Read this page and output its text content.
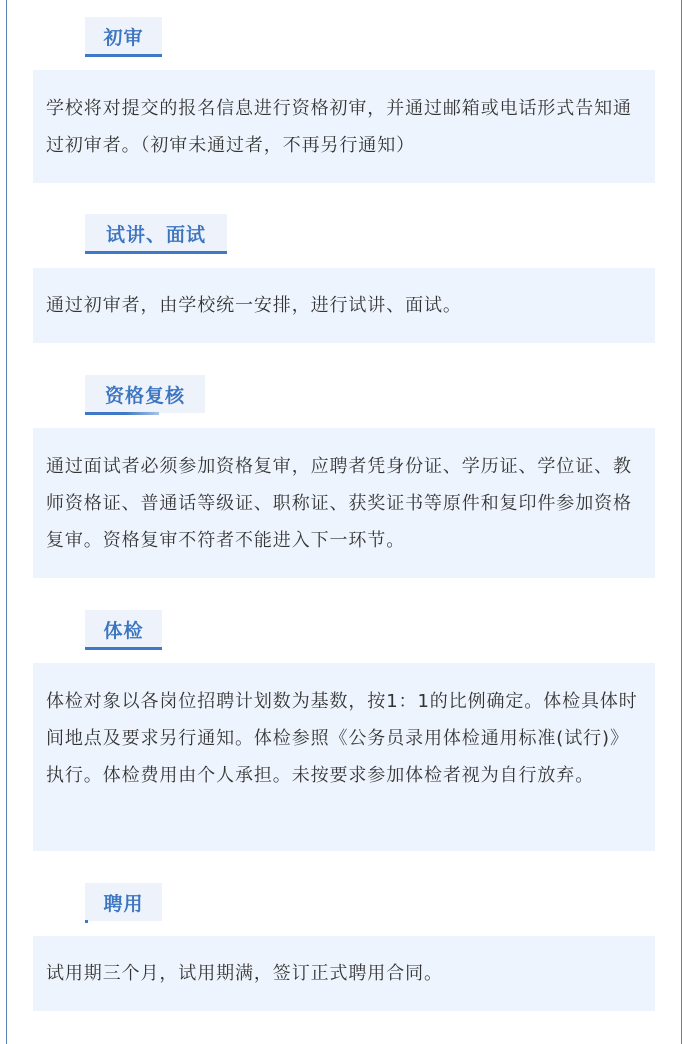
初审

学校将对提交的报名信息进行资格初审，并通过邮箱或电话形式告知通过初审者。（初审未通过者，不再另行通知）

试讲、面试

通过初审者，由学校统一安排，进行试讲、面试。

资格复核

通过面试者必须参加资格复审，应聘者凭身份证、学历证、学位证、教师资格证、普通话等级证、职称证、获奖证书等原件和复印件参加资格复审。资格复审不符者不能进入下一环节。

体检

体检对象以各岗位招聘计划数为基数，按1：1的比例确定。体检具体时间地点及要求另行通知。体检参照《公务员录用体检通用标准(试行)》执行。体检费用由个人承担。未按要求参加体检者视为自行放弃。

聘用

试用期三个月，试用期满，签订正式聘用合同。
